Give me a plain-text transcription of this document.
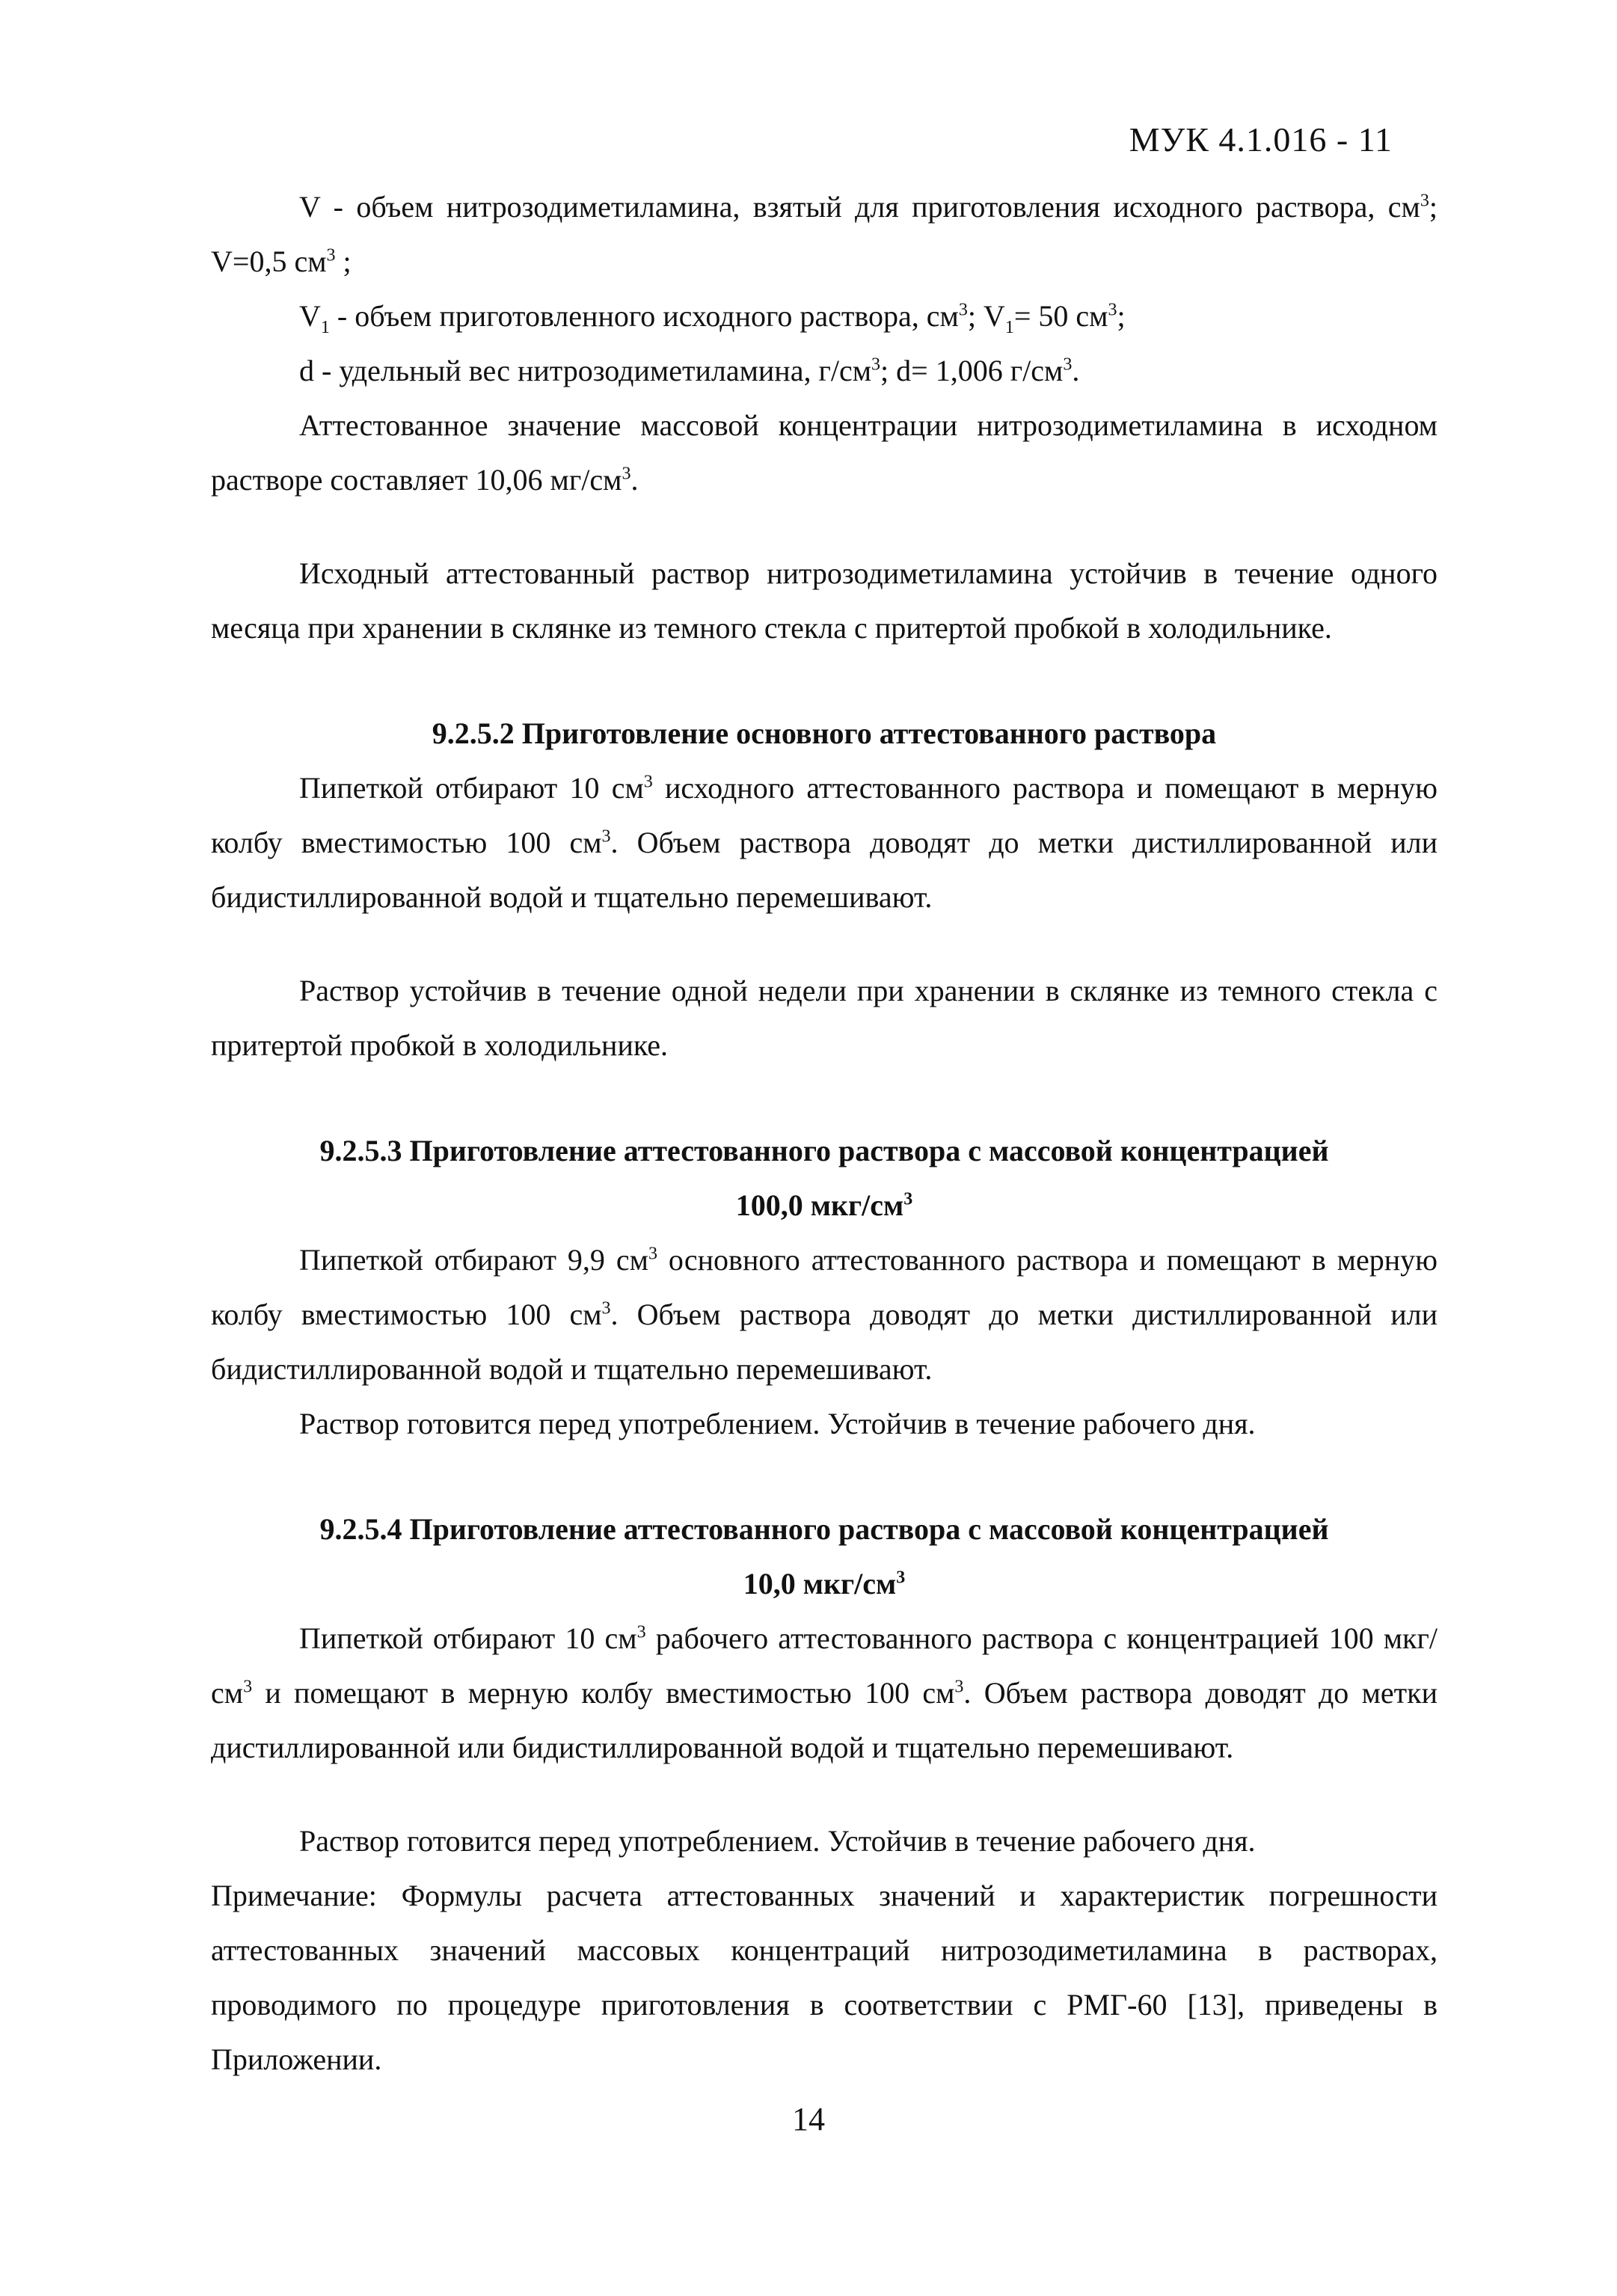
МУК 4.1.016 - 11

V - объем нитрозодиметиламина, взятый для приготовления исходного раствора, $см^3$; V=0,5 $см^3$ ;

$V_1$ - объем приготовленного исходного раствора, $см^3$; $V_1= 50$ $см^3$;

d - удельный вес нитрозодиметиламина, $г/см^3$; d= 1,006 $г/см^3$.

Аттестованное значение массовой концентрации нитрозодиметиламина в исходном растворе составляет 10,06 $мг/см^3$.

Исходный аттестованный раствор нитрозодиметиламина устойчив в течение одного месяца при хранении в склянке из темного стекла с притертой пробкой в холодильнике.

9.2.5.2 Приготовление основного аттестованного раствора

Пипеткой отбирают 10 $см^3$ исходного аттестованного раствора и помещают в мерную колбу вместимостью 100 $см^3$. Объем раствора доводят до метки дистиллированной или бидистиллированной водой и тщательно перемешивают.

Раствор устойчив в течение одной недели при хранении в склянке из темного стекла с притертой пробкой в холодильнике.

9.2.5.3 Приготовление аттестованного раствора с массовой концентрацией
100,0 мкг/$см^3$

Пипеткой отбирают 9,9 $см^3$ основного аттестованного раствора и помещают в мерную колбу вместимостью 100 $см^3$. Объем раствора доводят до метки дистиллированной или бидистиллированной водой и тщательно перемешивают.

Раствор готовится перед употреблением. Устойчив в течение рабочего дня.

9.2.5.4 Приготовление аттестованного раствора с массовой концентрацией
10,0 мкг/$см^3$

Пипеткой отбирают 10 $см^3$ рабочего аттестованного раствора с концентрацией 100 мкг/$см^3$ и помещают в мерную колбу вместимостью 100 $см^3$. Объем раствора доводят до метки дистиллированной или бидистиллированной водой и тщательно перемешивают.

Раствор готовится перед употреблением. Устойчив в течение рабочего дня.

Примечание: Формулы расчета аттестованных значений и характеристик погрешности аттестованных значений массовых концентраций нитрозодиметиламина в растворах, проводимого по процедуре приготовления в соответствии с РМГ-60 [13], приведены в Приложении.

14
